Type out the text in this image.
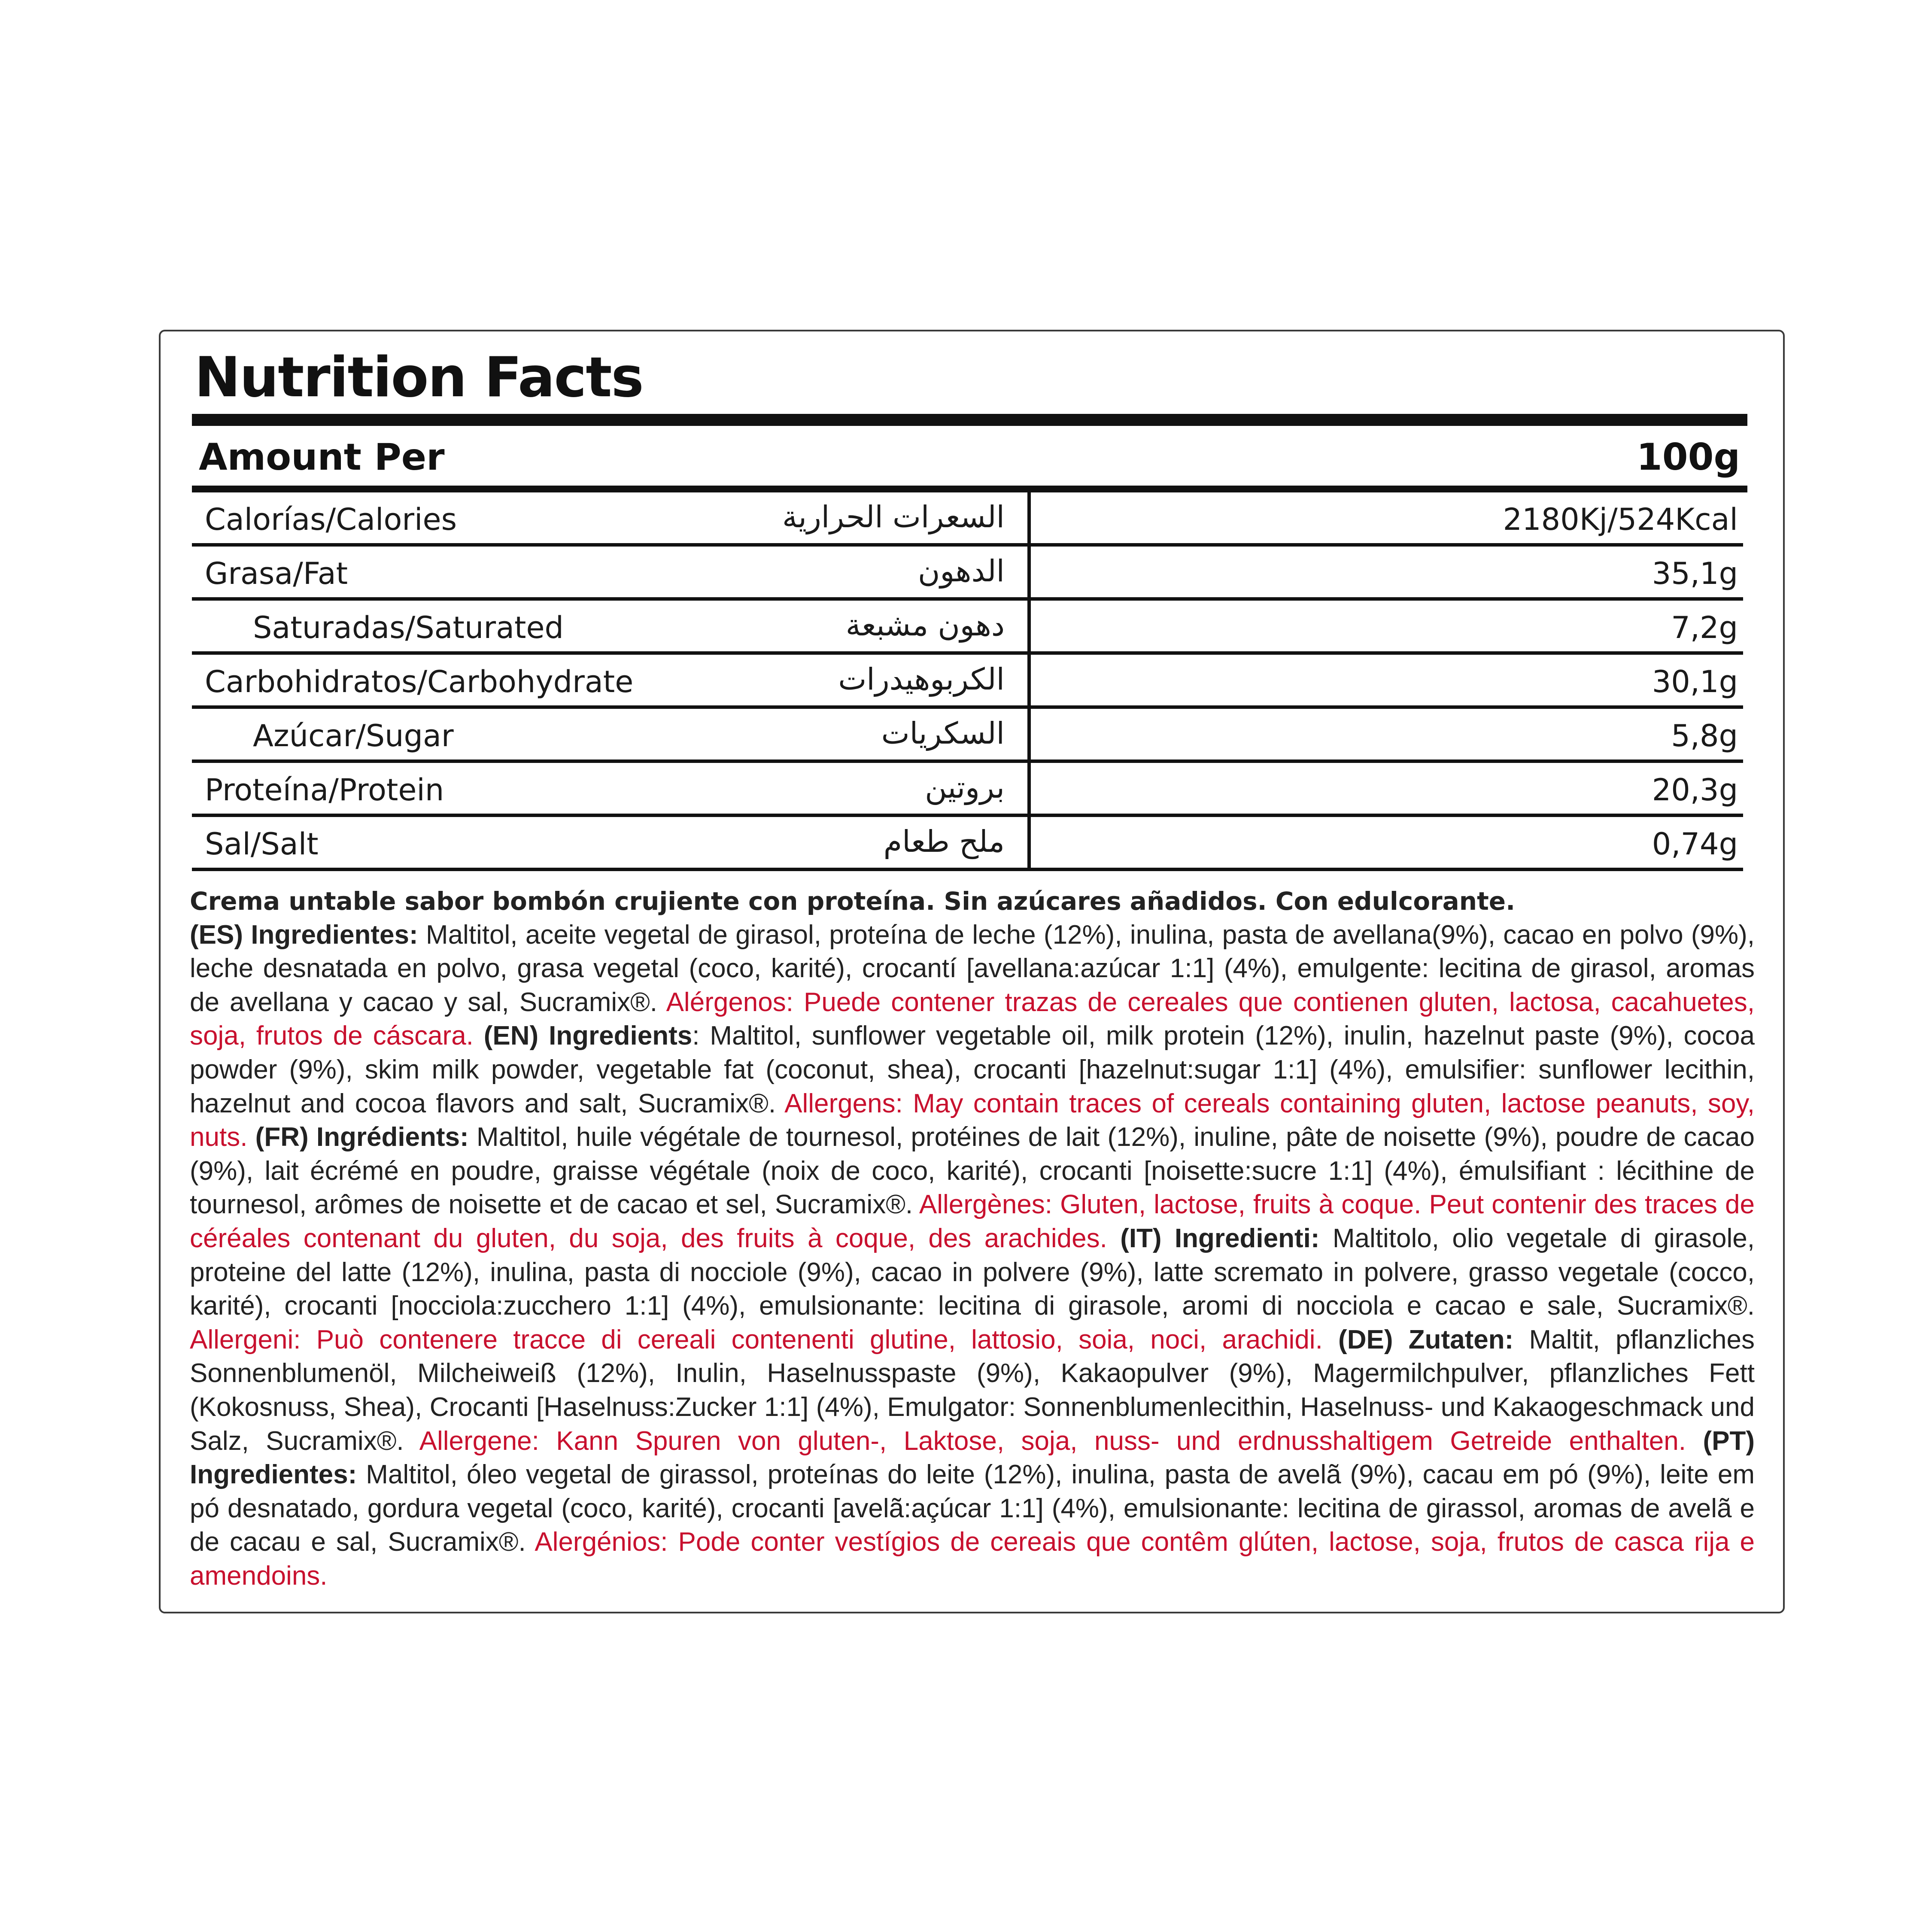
Nutrition Facts
Amount Per	100g
Calorías/Calories	السعرات الحرارية	2180Kj/524Kcal
Grasa/Fat	الدهون	35,1g
Saturadas/Saturated	دهون مشبعة	7,2g
Carbohidratos/Carbohydrate	الكربوهيدرات	30,1g
Azúcar/Sugar	السكريات	5,8g
Proteína/Protein	بروتين	20,3g
Sal/Salt	ملح طعام	0,74g
Crema untable sabor bombón crujiente con proteína. Sin azúcares añadidos. Con edulcorante.
(ES) Ingredientes: Maltitol, aceite vegetal de girasol, proteína de leche (12%), inulina, pasta de avellana(9%), cacao en polvo (9%), leche desnatada en polvo, grasa vegetal (coco, karité), crocantí [avellana:azúcar 1:1] (4%), emulgente: lecitina de girasol, aromas de avellana y cacao y sal, Sucramix®. Alérgenos: Puede contener trazas de cereales que contienen gluten, lactosa, cacahuetes, soja, frutos de cáscara. (EN) Ingredients: Maltitol, sunflower vegetable oil, milk protein (12%), inulin, hazelnut paste (9%), cocoa powder (9%), skim milk powder, vegetable fat (coconut, shea), crocanti [hazelnut:sugar 1:1] (4%), emulsifier: sunflower lecithin, hazelnut and cocoa flavors and salt, Sucramix®. Allergens: May contain traces of cereals containing gluten, lactose peanuts, soy, nuts. (FR) Ingrédients: Maltitol, huile végétale de tournesol, protéines de lait (12%), inuline, pâte de noisette (9%), poudre de cacao (9%), lait écrémé en poudre, graisse végétale (noix de coco, karité), crocanti [noisette:sucre 1:1] (4%), émulsifiant : lécithine de tournesol, arômes de noisette et de cacao et sel, Sucramix®. Allergènes: Gluten, lactose, fruits à coque. Peut contenir des traces de céréales contenant du gluten, du soja, des fruits à coque, des arachides. (IT) Ingredienti: Maltitolo, olio vegetale di girasole, proteine del latte (12%), inulina, pasta di nocciole (9%), cacao in polvere (9%), latte scremato in polvere, grasso vegetale (cocco, karité), crocanti [nocciola:zucchero 1:1] (4%), emulsionante: lecitina di girasole, aromi di nocciola e cacao e sale, Sucramix®. Allergeni: Può contenere tracce di cereali contenenti glutine, lattosio, soia, noci, arachidi. (DE) Zutaten: Maltit, pflanzliches Sonnenblumenöl, Milcheiweiß (12%), Inulin, Haselnusspaste (9%), Kakaopulver (9%), Magermilchpulver, pflanzliches Fett (Kokosnuss, Shea), Crocanti [Haselnuss:Zucker 1:1] (4%), Emulgator: Sonnenblumenlecithin, Haselnuss- und Kakaogeschmack und Salz, Sucramix®. Allergene: Kann Spuren von gluten-, Laktose, soja, nuss- und erdnusshaltigem Getreide enthalten. (PT) Ingredientes: Maltitol, óleo vegetal de girassol, proteínas do leite (12%), inulina, pasta de avelã (9%), cacau em pó (9%), leite em pó desnatado, gordura vegetal (coco, karité), crocanti [avelã:açúcar 1:1] (4%), emulsionante: lecitina de girassol, aromas de avelã e de cacau e sal, Sucramix®. Alergénios: Pode conter vestígios de cereais que contêm glúten, lactose, soja, frutos de casca rija e amendoins.
